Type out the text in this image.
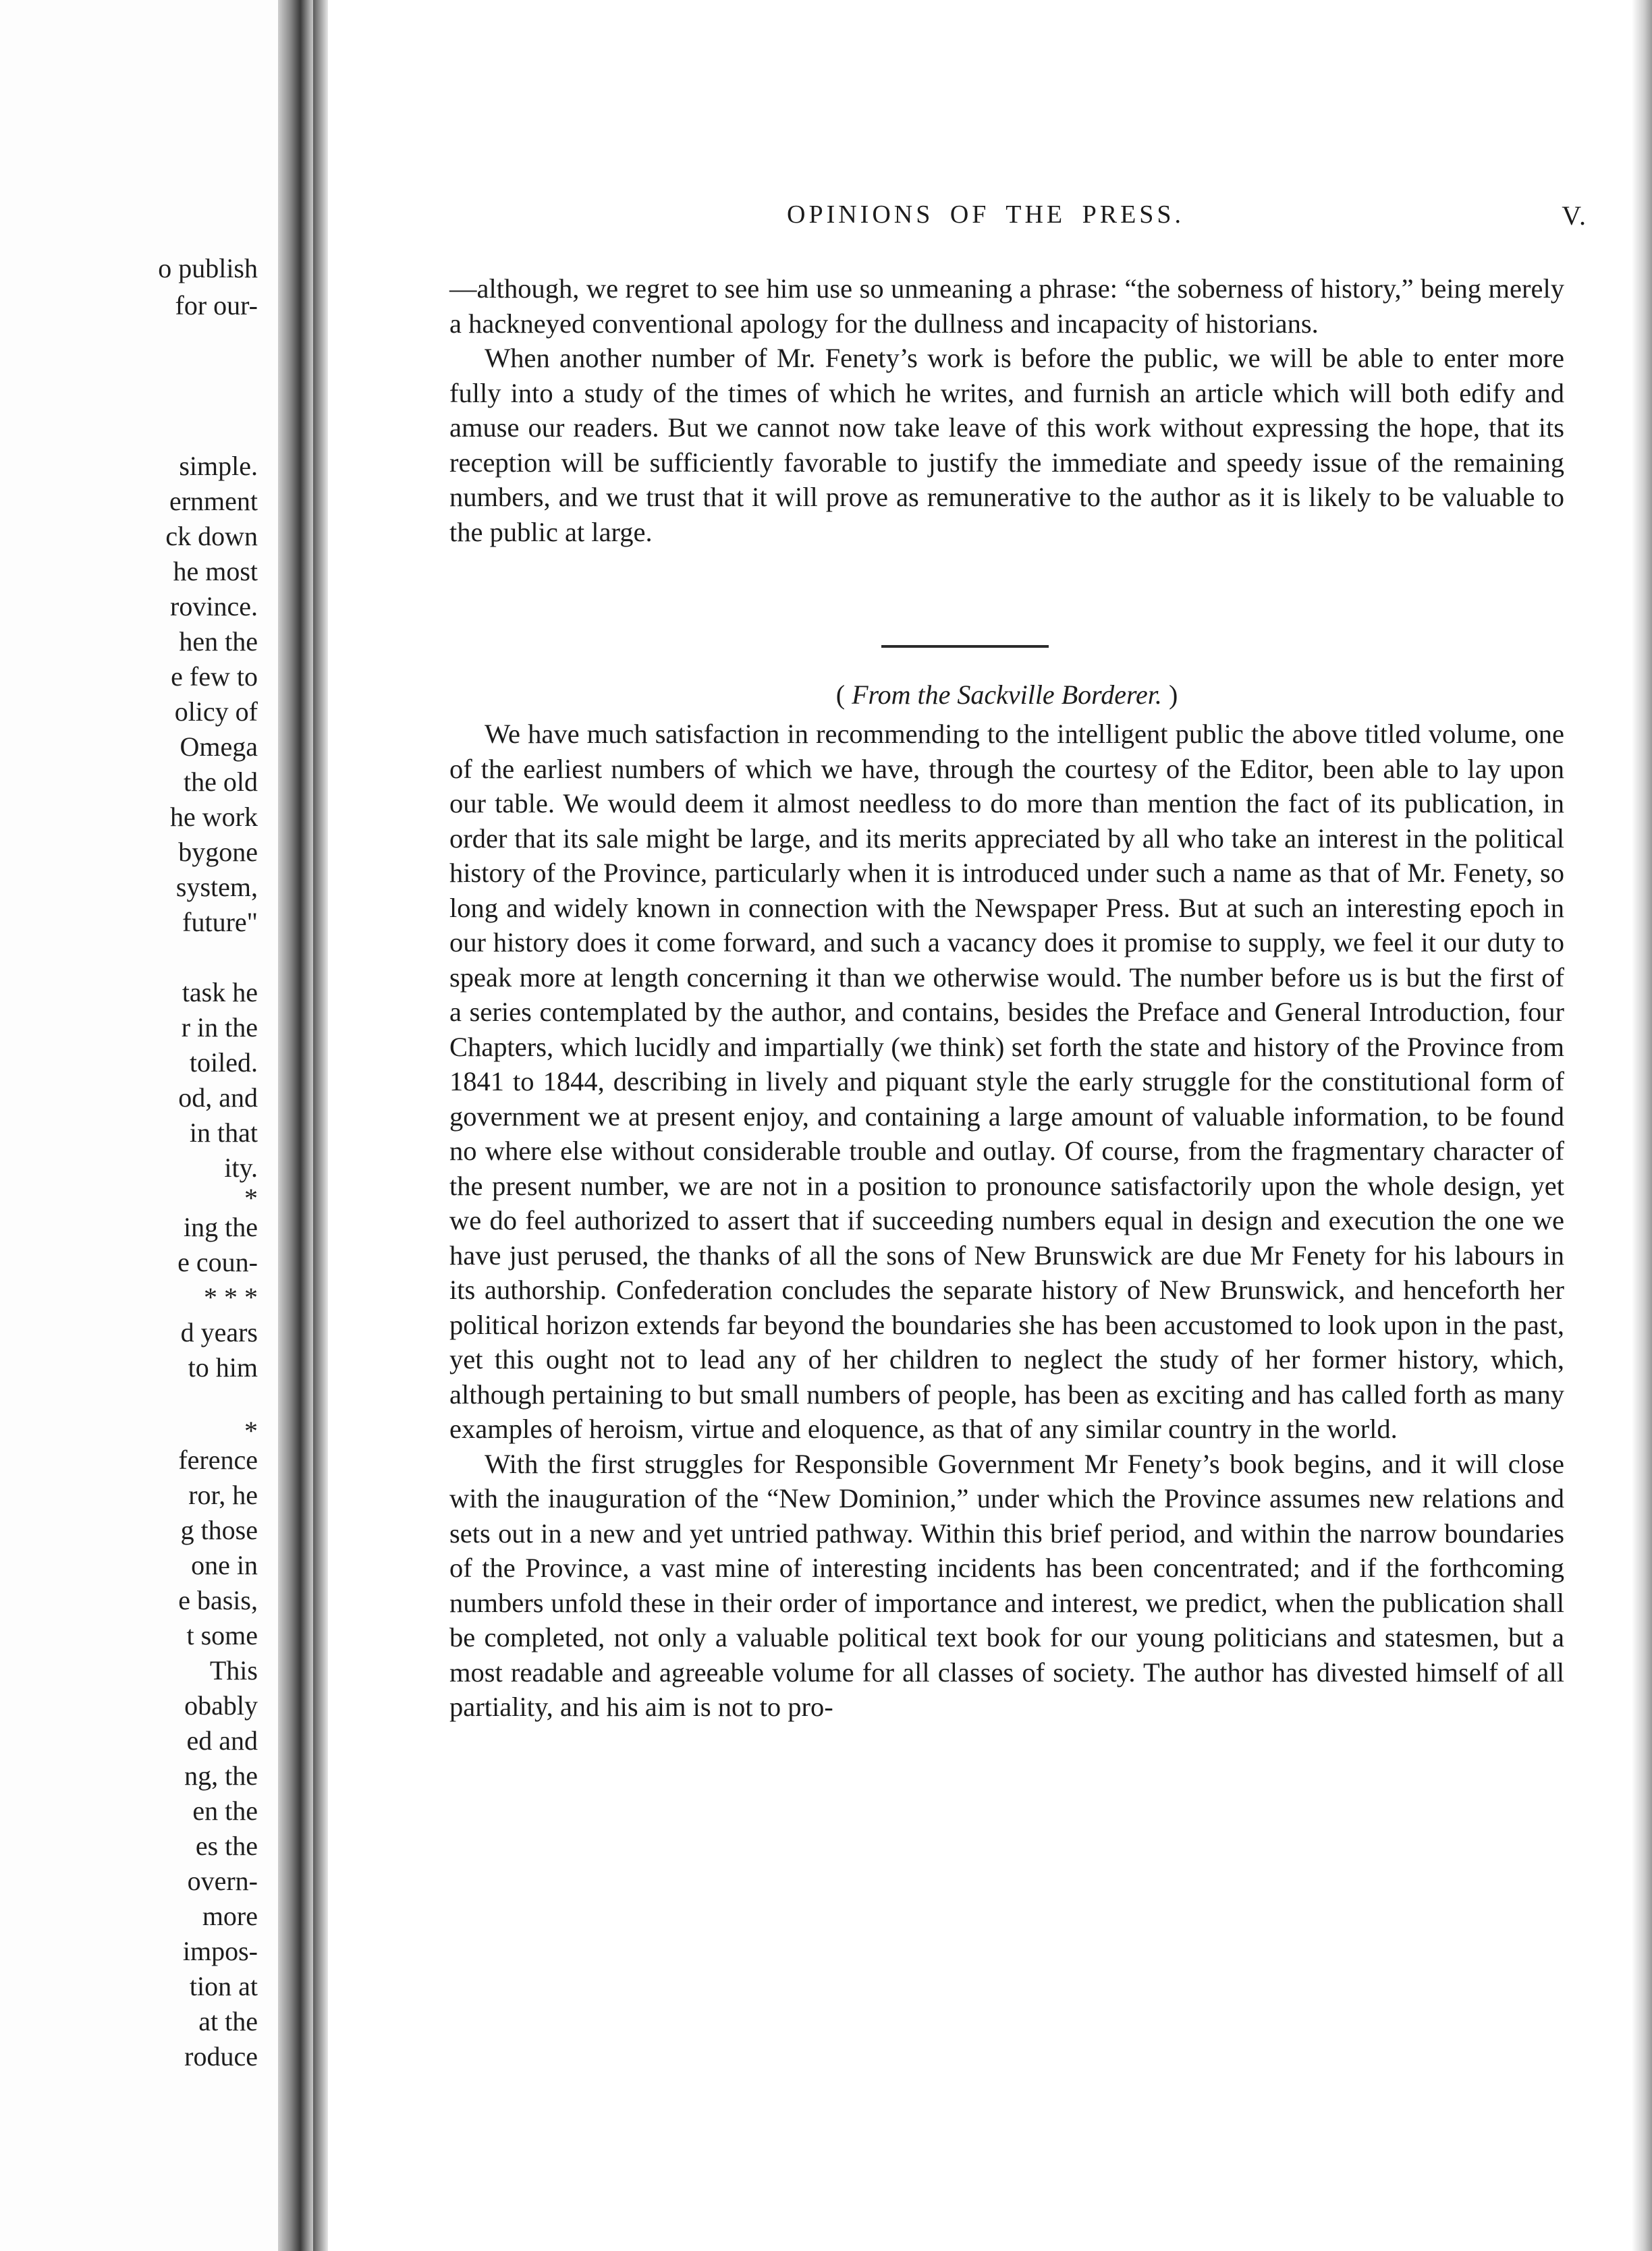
o publish
for our-
simple.
ernment
ck down
he most
rovince.
hen the
e few to
olicy of
Omega
the old
he work
bygone
system,
future"
task he
r in the
toiled.
od, and
in that
ity.
*
ing the
e coun-
* * *
d years
to him
*
ference
ror, he
g those
one in
e basis,
t some
This
obably
ed and
ng, the
en the
es the
overn-
more
impos-
tion at
at the
roduce
OPINIONS OF THE PRESS.	V.

—although, we regret to see him use so unmeaning a phrase: “the soberness of history,” being merely a hackneyed conventional apology for the dullness and incapacity of historians.

When another number of Mr. Fenety’s work is before the public, we will be able to enter more fully into a study of the times of which he writes, and furnish an article which will both edify and amuse our readers. But we cannot now take leave of this work without expressing the hope, that its reception will be sufficiently favorable to justify the immediate and speedy issue of the remaining numbers, and we trust that it will prove as remunerative to the author as it is likely to be valuable to the public at large.

( From the Sackville Borderer. )

We have much satisfaction in recommending to the intelligent public the above titled volume, one of the earliest numbers of which we have, through the courtesy of the Editor, been able to lay upon our table. We would deem it almost needless to do more than mention the fact of its publication, in order that its sale might be large, and its merits appreciated by all who take an interest in the political history of the Province, particularly when it is introduced under such a name as that of Mr. Fenety, so long and widely known in connection with the Newspaper Press. But at such an interesting epoch in our history does it come forward, and such a vacancy does it promise to supply, we feel it our duty to speak more at length concerning it than we otherwise would. The number before us is but the first of a series contemplated by the author, and contains, besides the Preface and General Introduction, four Chapters, which lucidly and impartially (we think) set forth the state and history of the Province from 1841 to 1844, describing in lively and piquant style the early struggle for the constitutional form of government we at present enjoy, and containing a large amount of valuable information, to be found no where else without considerable trouble and outlay. Of course, from the fragmentary character of the present number, we are not in a position to pronounce satisfactorily upon the whole design, yet we do feel authorized to assert that if succeeding numbers equal in design and execution the one we have just perused, the thanks of all the sons of New Brunswick are due Mr Fenety for his labours in its authorship. Confederation concludes the separate history of New Brunswick, and henceforth her political horizon extends far beyond the boundaries she has been accustomed to look upon in the past, yet this ought not to lead any of her children to neglect the study of her former history, which, although pertaining to but small numbers of people, has been as exciting and has called forth as many examples of heroism, virtue and eloquence, as that of any similar country in the world.

With the first struggles for Responsible Government Mr Fenety’s book begins, and it will close with the inauguration of the “New Dominion,” under which the Province assumes new relations and sets out in a new and yet untried pathway. Within this brief period, and within the narrow boundaries of the Province, a vast mine of interesting incidents has been concentrated; and if the forthcoming numbers unfold these in their order of importance and interest, we predict, when the publication shall be completed, not only a valuable political text book for our young politicians and statesmen, but a most readable and agreeable volume for all classes of society. The author has divested himself of all partiality, and his aim is not to pro-
